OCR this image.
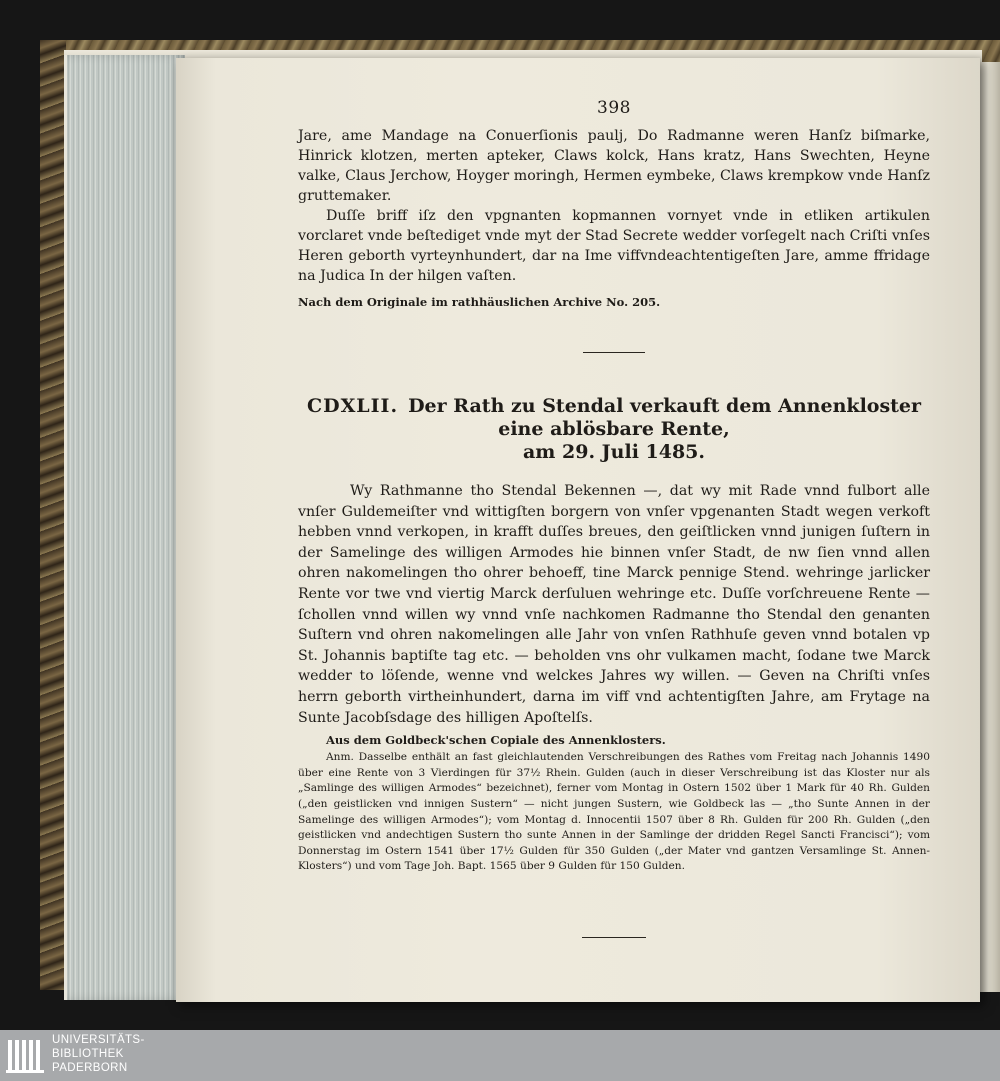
398

Jare, ame Mandage na Conuerſionis paulj, Do Radmanne weren Hanſz biſmarke, Hinrick klotzen, merten apteker, Claws kolck, Hans kratz, Hans Swechten, Heyne valke, Claus Jerchow, Hoyger moringh, Hermen eymbeke, Claws krempkow vnde Hanſz gruttemaker.

Duſſe briff iſz den vpgnanten kopmannen vornyet vnde in etliken artikulen vorclaret vnde beſtediget vnde myt der Stad Secrete wedder vorſegelt nach Criſti vnſes Heren geborth vyrteynhundert, dar na Ime viffvndeachtentigeſten Jare, amme ffridage na Judica In der hilgen vaſten.

Nach dem Originale im rathhäuslichen Archive No. 205.

CDXLII. Der Rath zu Stendal verkauft dem Annenkloster eine ablösbare Rente,
am 29. Juli 1485.

Wy Rathmanne tho Stendal Bekennen —, dat wy mit Rade vnnd fulbort alle vnſer Guldemeiſter vnd wittigſten borgern von vnſer vpgenanten Stadt wegen verkoft hebben vnnd verkopen, in krafft duſſes breues, den geiſtlicken vnnd junigen ſuſtern in der Samelinge des willigen Armodes hie binnen vnſer Stadt, de nw ſien vnnd allen ohren nakomelingen tho ohrer behoeff, tine Marck pennige Stend. wehringe jarlicker Rente vor twe vnd viertig Marck derſuluen wehringe etc. Duſſe vorſchreuene Rente — ſchollen vnnd willen wy vnnd vnſe nachkomen Radmanne tho Stendal den genanten Suſtern vnd ohren nakomelingen alle Jahr von vnſen Rathhuſe geven vnnd botalen vp St. Johannis baptiſte tag etc. — beholden vns ohr vulkamen macht, ſodane twe Marck wedder to löſende, wenne vnd welckes Jahres wy willen. — Geven na Chriſti vnſes herrn geborth virtheinhundert, darna im viff vnd achtentigſten Jahre, am Frytage na Sunte Jacobſsdage des hilligen Apoſtelſs.

Aus dem Goldbeck'schen Copiale des Annenklosters.

Anm. Dasselbe enthält an fast gleichlautenden Verschreibungen des Rathes vom Freitag nach Johannis 1490 über eine Rente von 3 Vierdingen für 37½ Rhein. Gulden (auch in dieser Verschreibung ist das Kloster nur als „Samlinge des willigen Armodes“ bezeichnet), ferner vom Montag in Ostern 1502 über 1 Mark für 40 Rh. Gulden („den geistlicken vnd innigen Sustern“ — nicht jungen Sustern, wie Goldbeck las — „tho Sunte Annen in der Samelinge des willigen Armodes“); vom Montag d. Innocentii 1507 über 8 Rh. Gulden für 200 Rh. Gulden („den geistlicken vnd andechtigen Sustern tho sunte Annen in der Samlinge der dridden Regel Sancti Francisci“); vom Donnerstag im Ostern 1541 über 17½ Gulden für 350 Gulden („der Mater vnd gantzen Versamlinge St. Annen-Klosters“) und vom Tage Joh. Bapt. 1565 über 9 Gulden für 150 Gulden.

UNIVERSITÄTS-
BIBLIOTHEK
PADERBORN
